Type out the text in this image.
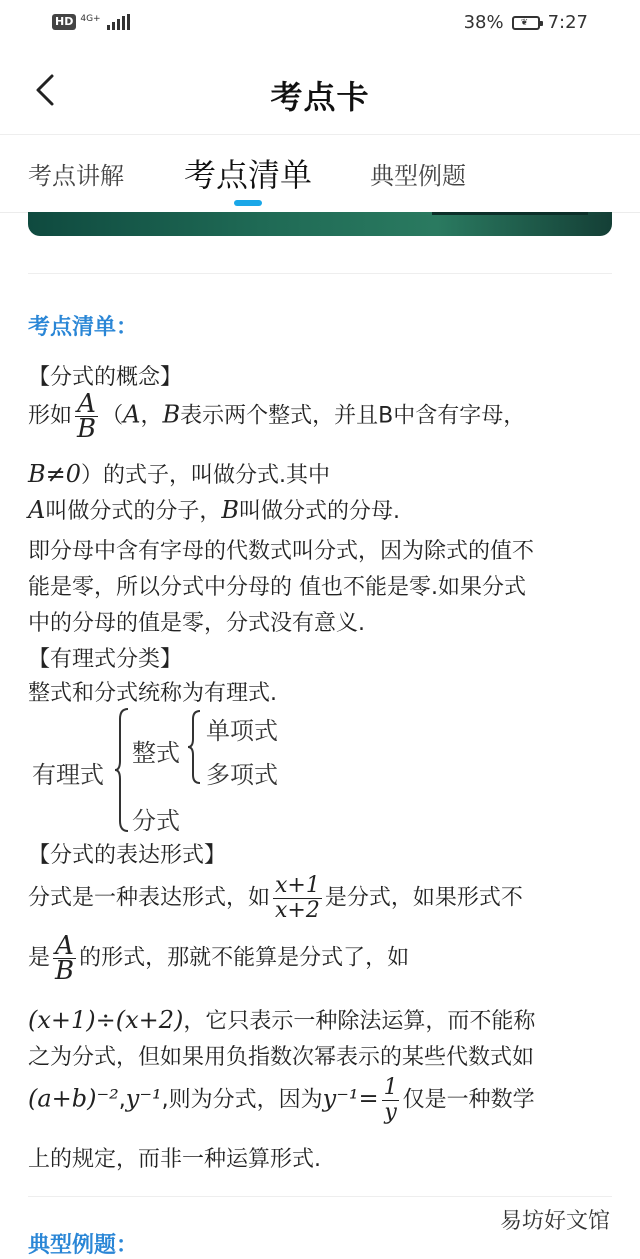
HD 4G+	38% ❦ 7:27
考点卡
考点讲解 考点清单 典型例题
考点清单：
【分式的概念】
形如 $\frac{A}{B} (A$，B表示两个整式，并且B中含有字母，
B≠0）的式子，叫做分式.其中
A叫做分式的分子，B叫做分式的分母.
即分母中含有字母的代数式叫分式，因为除式的值不
能是零，所以分式中分母的 值也不能是零.如果分式
中的分母的值是零，分式没有意义.
【有理式分类】
整式和分式统称为有理式.
有理式
整式
单项式
多项式
分式
【分式的表达形式】
分式是一种表达形式，如 $\frac{x+1}{x+2}$ 是分式，如果形式不
是 $\frac{A}{B}$ 的形式，那就不能算是分式了，如
(x+1)÷(x+2)，它只表示一种除法运算，而不能称
之为分式，但如果用负指数次幂表示的某些代数式如
(a+b)⁻²,y⁻¹,则为分式，因为$y^{-1}= \frac{1}{y}$ 仅是一种数学
上的规定，而非一种运算形式.
典型例题：
易坊好文馆
